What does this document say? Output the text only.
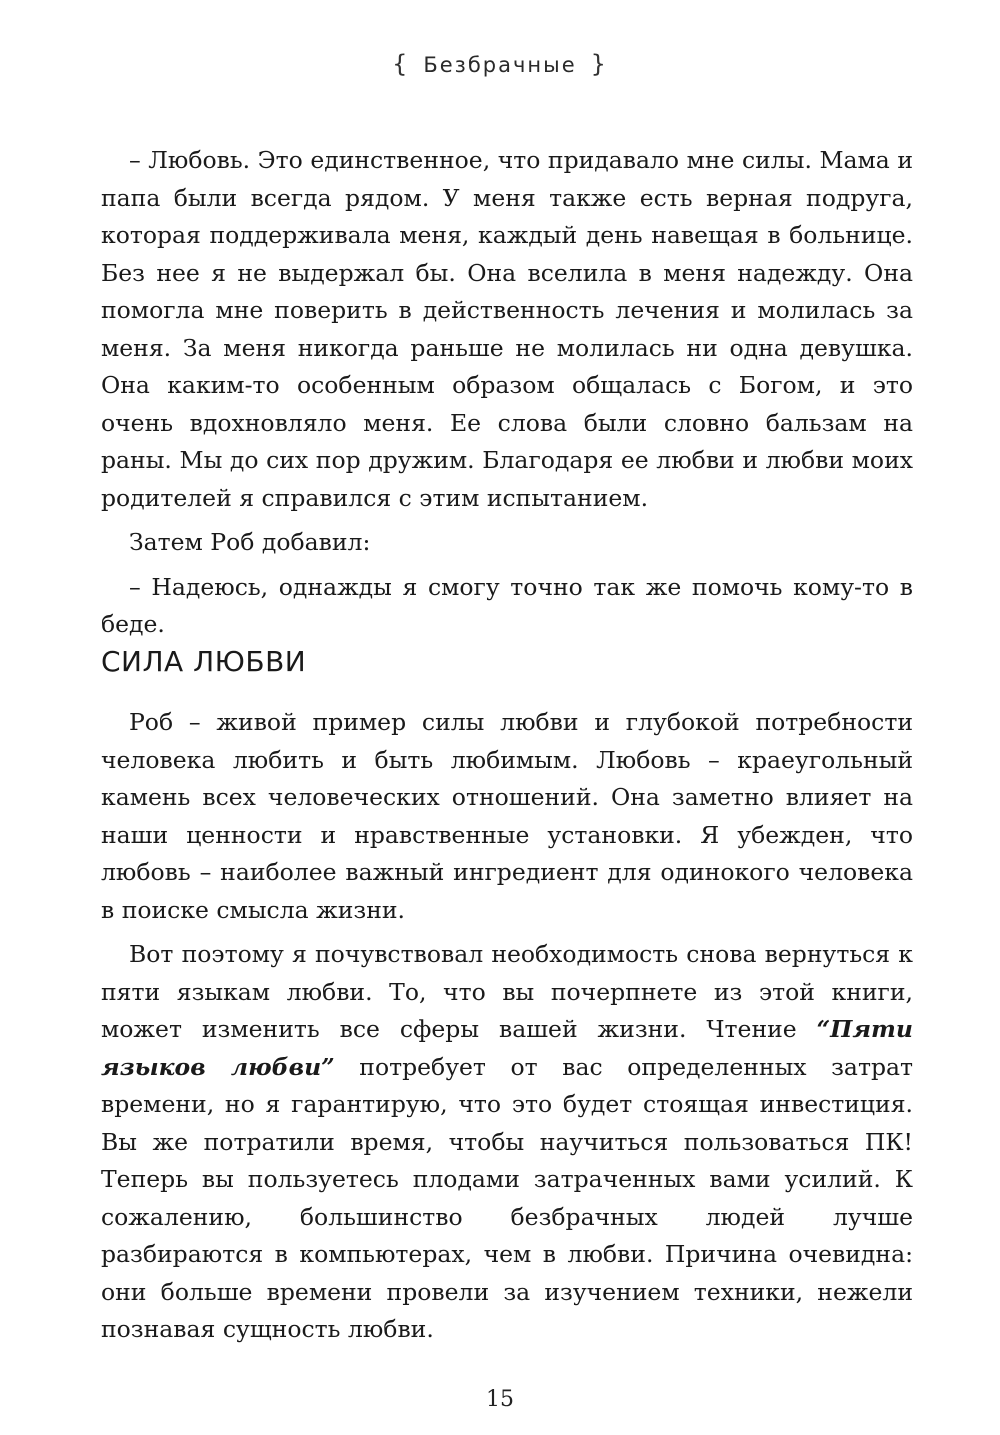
{ Безбрачные }

– Любовь. Это единственное, что придавало мне силы. Мама и папа были всегда рядом. У меня также есть верная подруга, которая поддерживала меня, каждый день навещая в больнице. Без нее я не выдержал бы. Она вселила в меня надежду. Она помогла мне поверить в действенность лечения и молилась за меня. За меня никогда раньше не молилась ни одна девушка. Она каким-то особенным образом общалась с Богом, и это очень вдохновляло меня. Ее слова были словно бальзам на раны. Мы до сих пор дружим. Благодаря ее любви и любви моих родителей я справился с этим испытанием.

Затем Роб добавил:

– Надеюсь, однажды я смогу точно так же помочь кому-то в беде.

СИЛА ЛЮБВИ

Роб – живой пример силы любви и глубокой потребности человека любить и быть любимым. Любовь – краеугольный камень всех человеческих отношений. Она заметно влияет на наши ценности и нравственные установки. Я убежден, что любовь – наиболее важный ингредиент для одинокого человека в поиске смысла жизни.

Вот поэтому я почувствовал необходимость снова вернуться к пяти языкам любви. То, что вы почерпнете из этой книги, может изменить все сферы вашей жизни. Чтение “Пяти языков любви” потребует от вас определенных затрат времени, но я гарантирую, что это будет стоящая инвестиция. Вы же потратили время, чтобы научиться пользоваться ПК! Теперь вы пользуетесь плодами затраченных вами усилий. К сожалению, большинство безбрачных людей лучше разбираются в компьютерах, чем в любви. Причина очевидна: они больше времени провели за изучением техники, нежели познавая сущность любви.

15
